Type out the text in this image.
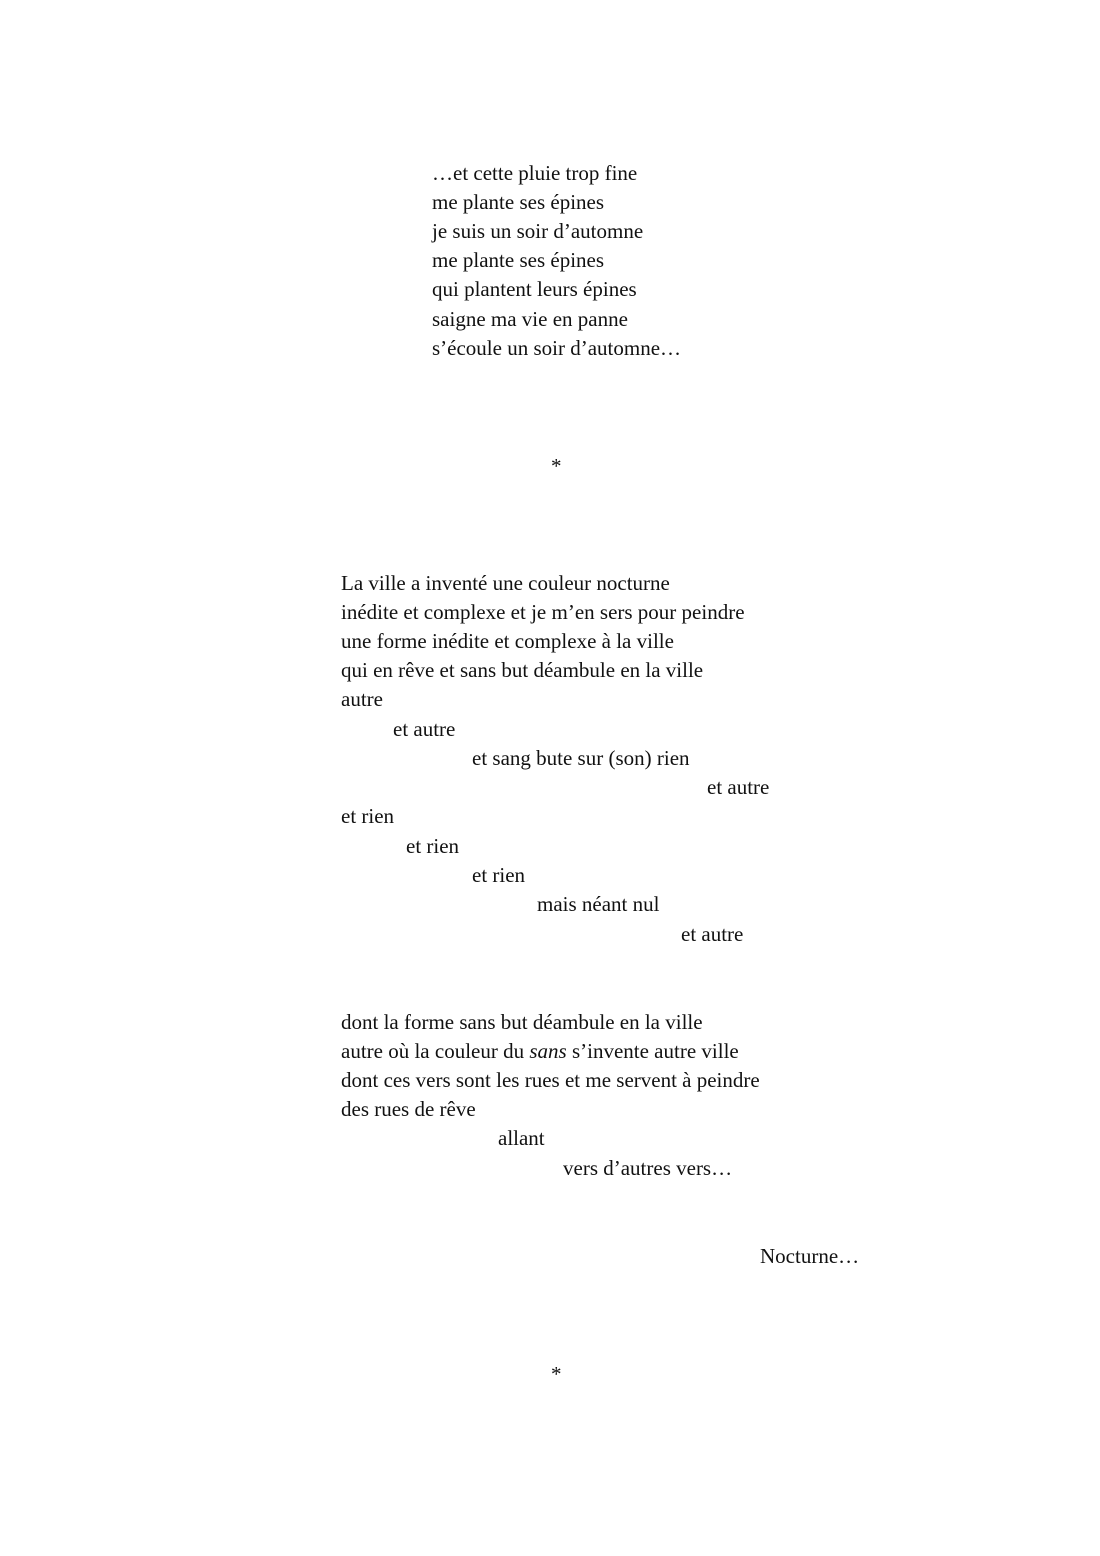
…et cette pluie trop fine

me plante ses épines

je suis un soir d’automne

me plante ses épines

qui plantent leurs épines

saigne ma vie en panne

s’écoule un soir d’automne…

*

La ville a inventé une couleur nocturne

inédite et complexe et je m’en sers pour peindre

une forme inédite et complexe à la ville

qui en rêve et sans but déambule en la ville

autre

et autre

et sang bute sur (son) rien

et autre

et rien

et rien

et rien

mais néant nul

et autre

dont la forme sans but déambule en la ville

autre où la couleur du sans s’invente autre ville

dont ces vers sont les rues et me servent à peindre

des rues de rêve

allant

vers d’autres vers…

Nocturne…

*
